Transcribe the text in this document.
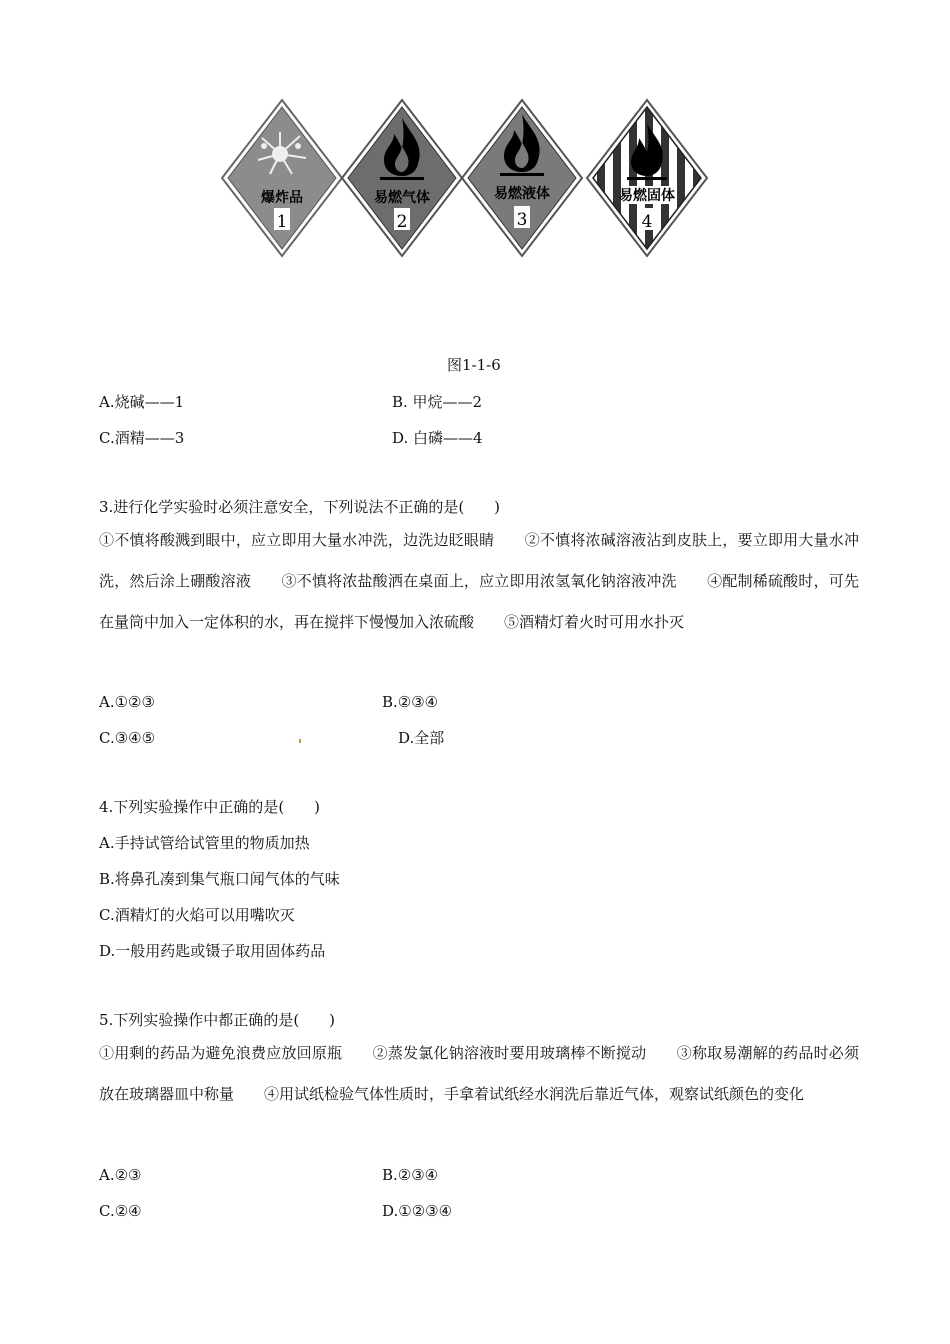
爆炸品
1
易燃气体
2
易燃液体
3
易燃固体
4
图1-1-6
A.烧碱——1	B. 甲烷——2
C.酒精——3	D. 白磷——4
3.进行化学实验时必须注意安全，下列说法不正确的是(　　)
①不慎将酸溅到眼中，应立即用大量水冲洗，边洗边眨眼睛　　②不慎将浓碱溶液沾到皮肤上，要立即用大量水冲洗，然后涂上硼酸溶液　　③不慎将浓盐酸洒在桌面上，应立即用浓氢氧化钠溶液冲洗　　④配制稀硫酸时，可先在量筒中加入一定体积的水，再在搅拌下慢慢加入浓硫酸　　⑤酒精灯着火时可用水扑灭
A.①②③	B.②③④
C.③④⑤	D.全部
4.下列实验操作中正确的是(　　)
A.手持试管给试管里的物质加热
B.将鼻孔凑到集气瓶口闻气体的气味
C.酒精灯的火焰可以用嘴吹灭
D.一般用药匙或镊子取用固体药品
5.下列实验操作中都正确的是(　　)
①用剩的药品为避免浪费应放回原瓶　　②蒸发氯化钠溶液时要用玻璃棒不断搅动　　③称取易潮解的药品时必须放在玻璃器皿中称量　　④用试纸检验气体性质时，手拿着试纸经水润洗后靠近气体，观察试纸颜色的变化
A.②③	B.②③④
C.②④	D.①②③④
